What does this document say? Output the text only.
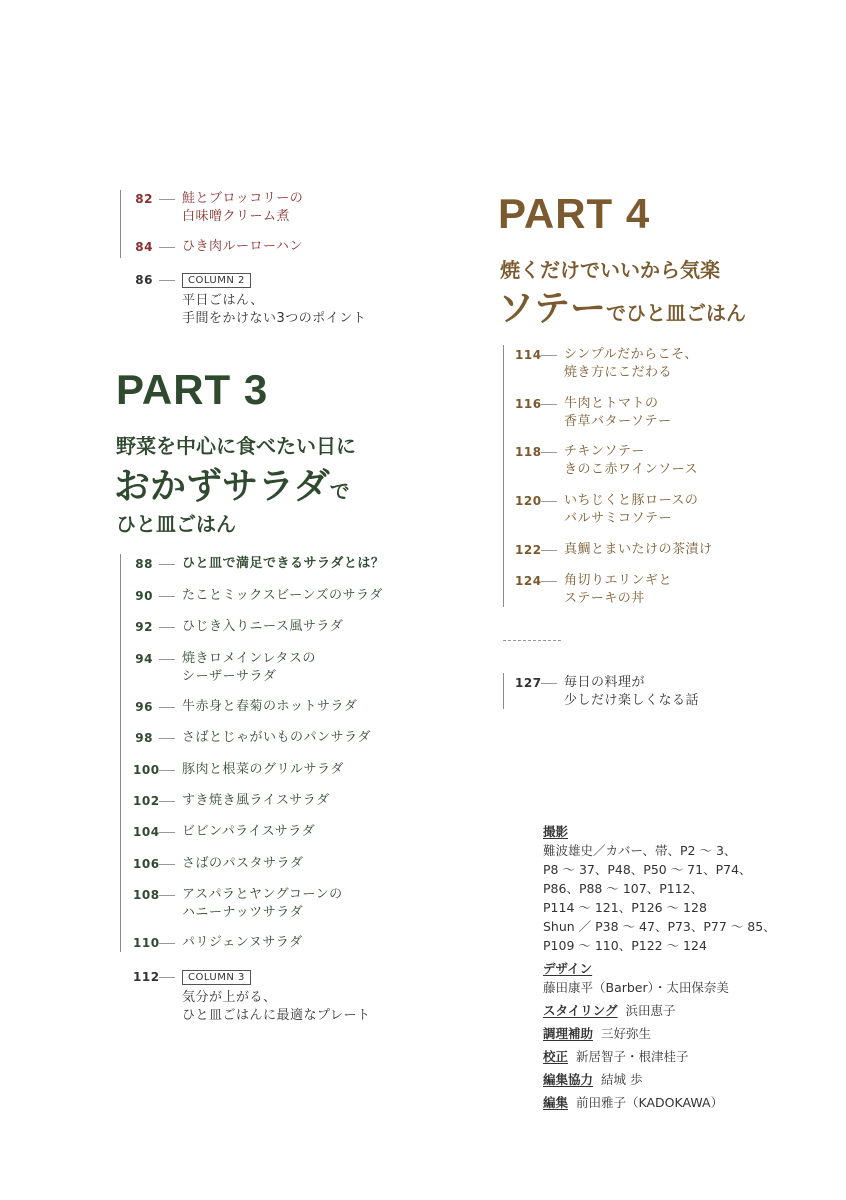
82 鮭とブロッコリーの
白味噌クリーム煮
84 ひき肉ルーローハン
86	COLUMN 2
平日ごはん、
手間をかけない3つのポイント
PART 3
野菜を中心に食べたい日に
おかずサラダで
ひと皿ごはん
88 ひと皿で満足できるサラダとは？
90 たことミックスビーンズのサラダ
92 ひじき入りニース風サラダ
94 焼きロメインレタスの
シーザーサラダ
96 牛赤身と春菊のホットサラダ
98 さばとじゃがいものパンサラダ
100 豚肉と根菜のグリルサラダ
102 すき焼き風ライスサラダ
104 ビビンパライスサラダ
106 さばのパスタサラダ
108 アスパラとヤングコーンの
ハニーナッツサラダ
110 パリジェンヌサラダ
112	COLUMN 3
気分が上がる、
ひと皿ごはんに最適なプレート
PART 4
焼くだけでいいから気楽
ソテーでひと皿ごはん
114 シンプルだからこそ、
焼き方にこだわる
116 牛肉とトマトの
香草バターソテー
118 チキンソテー
きのこ赤ワインソース
120 いちじくと豚ロースの
バルサミコソテー
122 真鯛とまいたけの茶漬け
124 角切りエリンギと
ステーキの丼
127 毎日の料理が
少しだけ楽しくなる話
撮影
難波雄史／カバー、帯、P2 〜 3、
P8 〜 37、P48、P50 〜 71、P74、
P86、P88 〜 107、P112、
P114 〜 121、P126 〜 128
Shun ／ P38 〜 47、P73、P77 〜 85、
P109 〜 110、P122 〜 124
デザイン
藤田康平（Barber）・太田保奈美
スタイリング 浜田恵子
調理補助 三好弥生
校正 新居智子・根津桂子
編集協力 結城 歩
編集 前田雅子（KADOKAWA）
